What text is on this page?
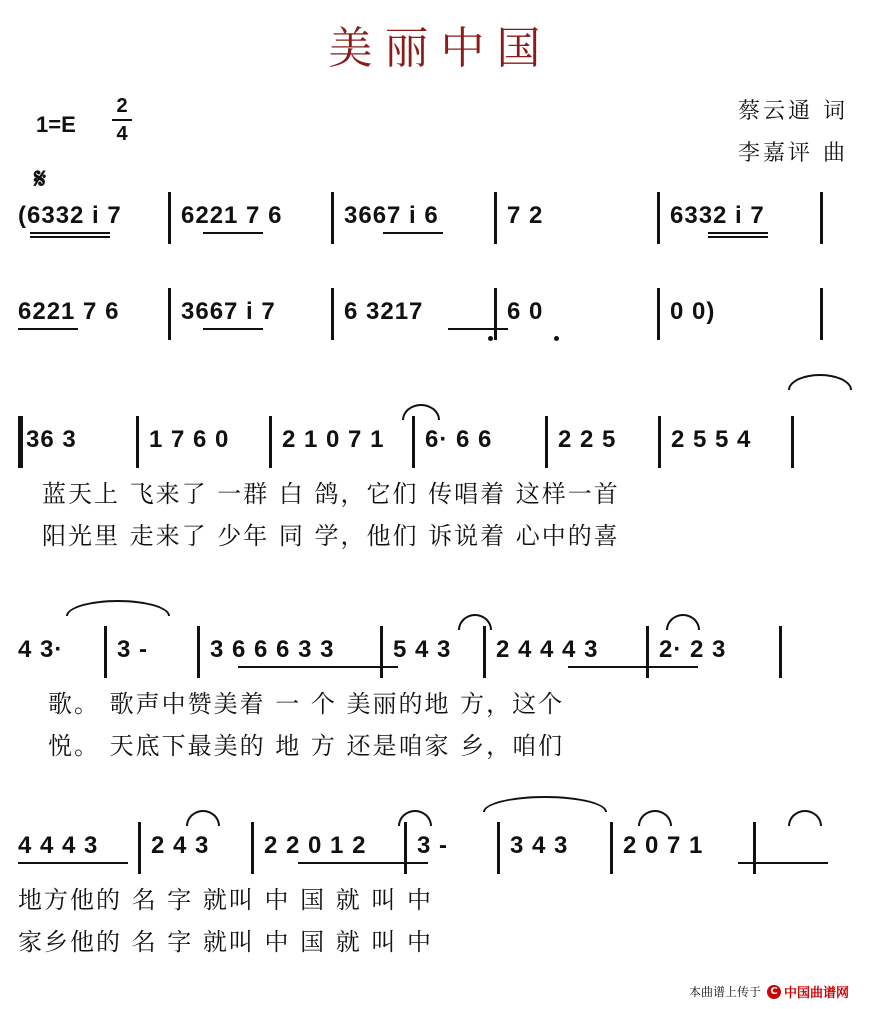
美丽中国
1=E
2
4
蔡云通 词
李嘉评 曲
𝄋
(6332 i 7	6221 7 6	3667 i 6	7 2	6332 i 7
6221 7 6	3667 i 7	6 3217	6 0	0 0)
36 3	1 7 6 0	2 1 0 7 1	6· 6 6	2 2 5	2 5 5 4
蓝天上 飞来了 一群 白 鸽，它们 传唱着 这样一首
阳光里 走来了 少年 同 学，他们 诉说着 心中的喜
4 3·	3 -	3 6 6 6 3 3	5 4 3	2 4 4 4 3	2· 2 3
歌。 歌声中赞美着 一 个 美丽的地 方，这个
悦。 天底下最美的 地 方 还是咱家 乡，咱们
4 4 4 3	2 4 3	2 2 0 1 2	3 -	3 4 3	2 0 7 1
地方他的 名 字 就叫 中 国 就 叫 中
家乡他的 名 字 就叫 中 国 就 叫 中
本曲谱上传于 C 中国曲谱网
